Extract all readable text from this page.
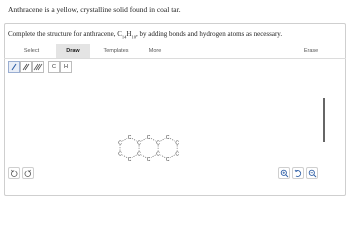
Anthracene is a yellow, crystalline solid found in coal tar.
Complete the structure for anthracene, $C_{14}H_{10}$, by adding bonds and hydrogen atoms as necessary.
Select	Draw	Templates	More	Erase
C	H
C
C
C
C
C
C
C
C
C
C
C
C
C
C
